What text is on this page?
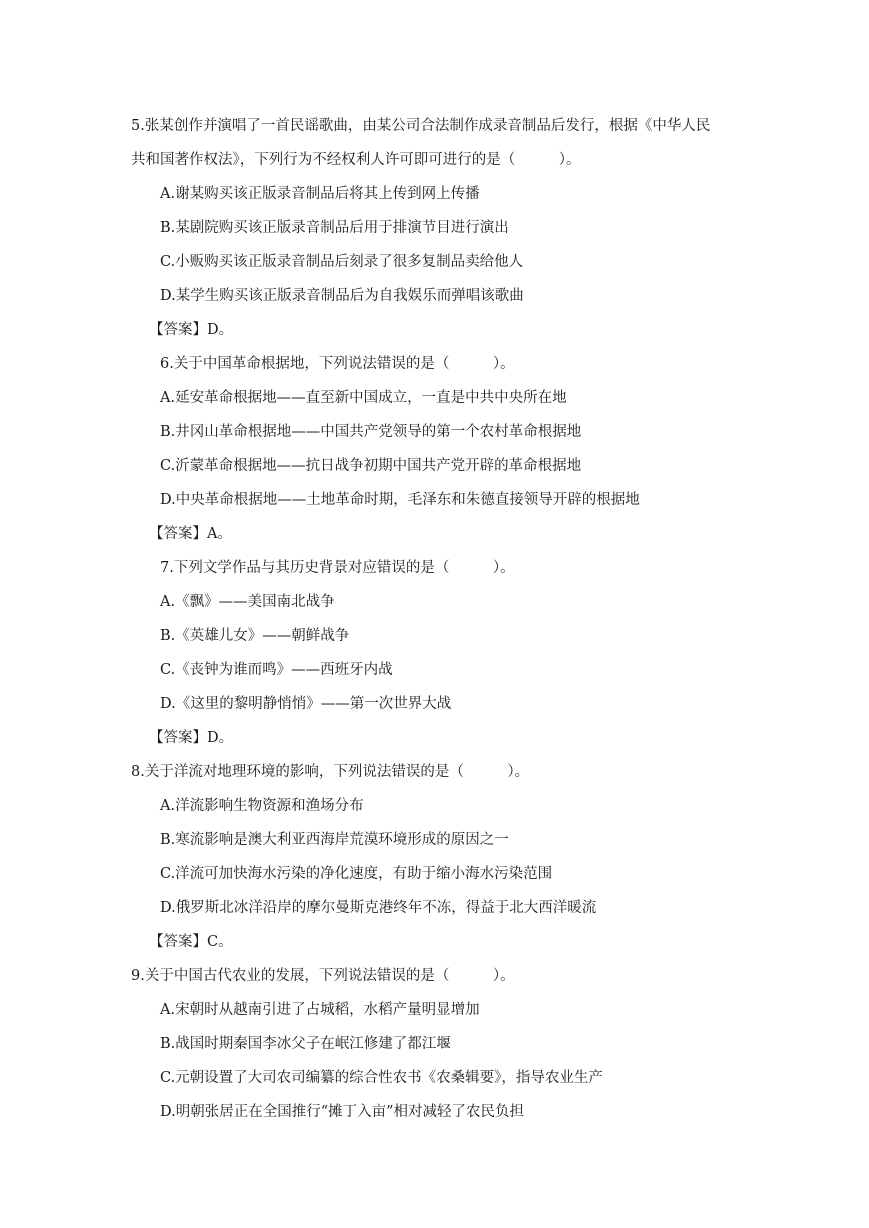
5.张某创作并演唱了一首民谣歌曲，由某公司合法制作成录音制品后发行，根据《中华人民
共和国著作权法》，下列行为不经权利人许可即可进行的是（　　　）。
A.谢某购买该正版录音制品后将其上传到网上传播
B.某剧院购买该正版录音制品后用于排演节目进行演出
C.小贩购买该正版录音制品后刻录了很多复制品卖给他人
D.某学生购买该正版录音制品后为自我娱乐而弹唱该歌曲
【答案】D。
6.关于中国革命根据地，下列说法错误的是（　　　）。
A.延安革命根据地——直至新中国成立，一直是中共中央所在地
B.井冈山革命根据地——中国共产党领导的第一个农村革命根据地
C.沂蒙革命根据地——抗日战争初期中国共产党开辟的革命根据地
D.中央革命根据地——土地革命时期，毛泽东和朱德直接领导开辟的根据地
【答案】A。
7.下列文学作品与其历史背景对应错误的是（　　　）。
A.《飘》——美国南北战争
B.《英雄儿女》——朝鲜战争
C.《丧钟为谁而鸣》——西班牙内战
D.《这里的黎明静悄悄》——第一次世界大战
【答案】D。
8.关于洋流对地理环境的影响，下列说法错误的是（　　　）。
A.洋流影响生物资源和渔场分布
B.寒流影响是澳大利亚西海岸荒漠环境形成的原因之一
C.洋流可加快海水污染的净化速度，有助于缩小海水污染范围
D.俄罗斯北冰洋沿岸的摩尔曼斯克港终年不冻，得益于北大西洋暖流
【答案】C。
9.关于中国古代农业的发展，下列说法错误的是（　　　）。
A.宋朝时从越南引进了占城稻，水稻产量明显增加
B.战国时期秦国李冰父子在岷江修建了都江堰
C.元朝设置了大司农司编纂的综合性农书《农桑辑要》，指导农业生产
D.明朝张居正在全国推行“摊丁入亩”相对减轻了农民负担
